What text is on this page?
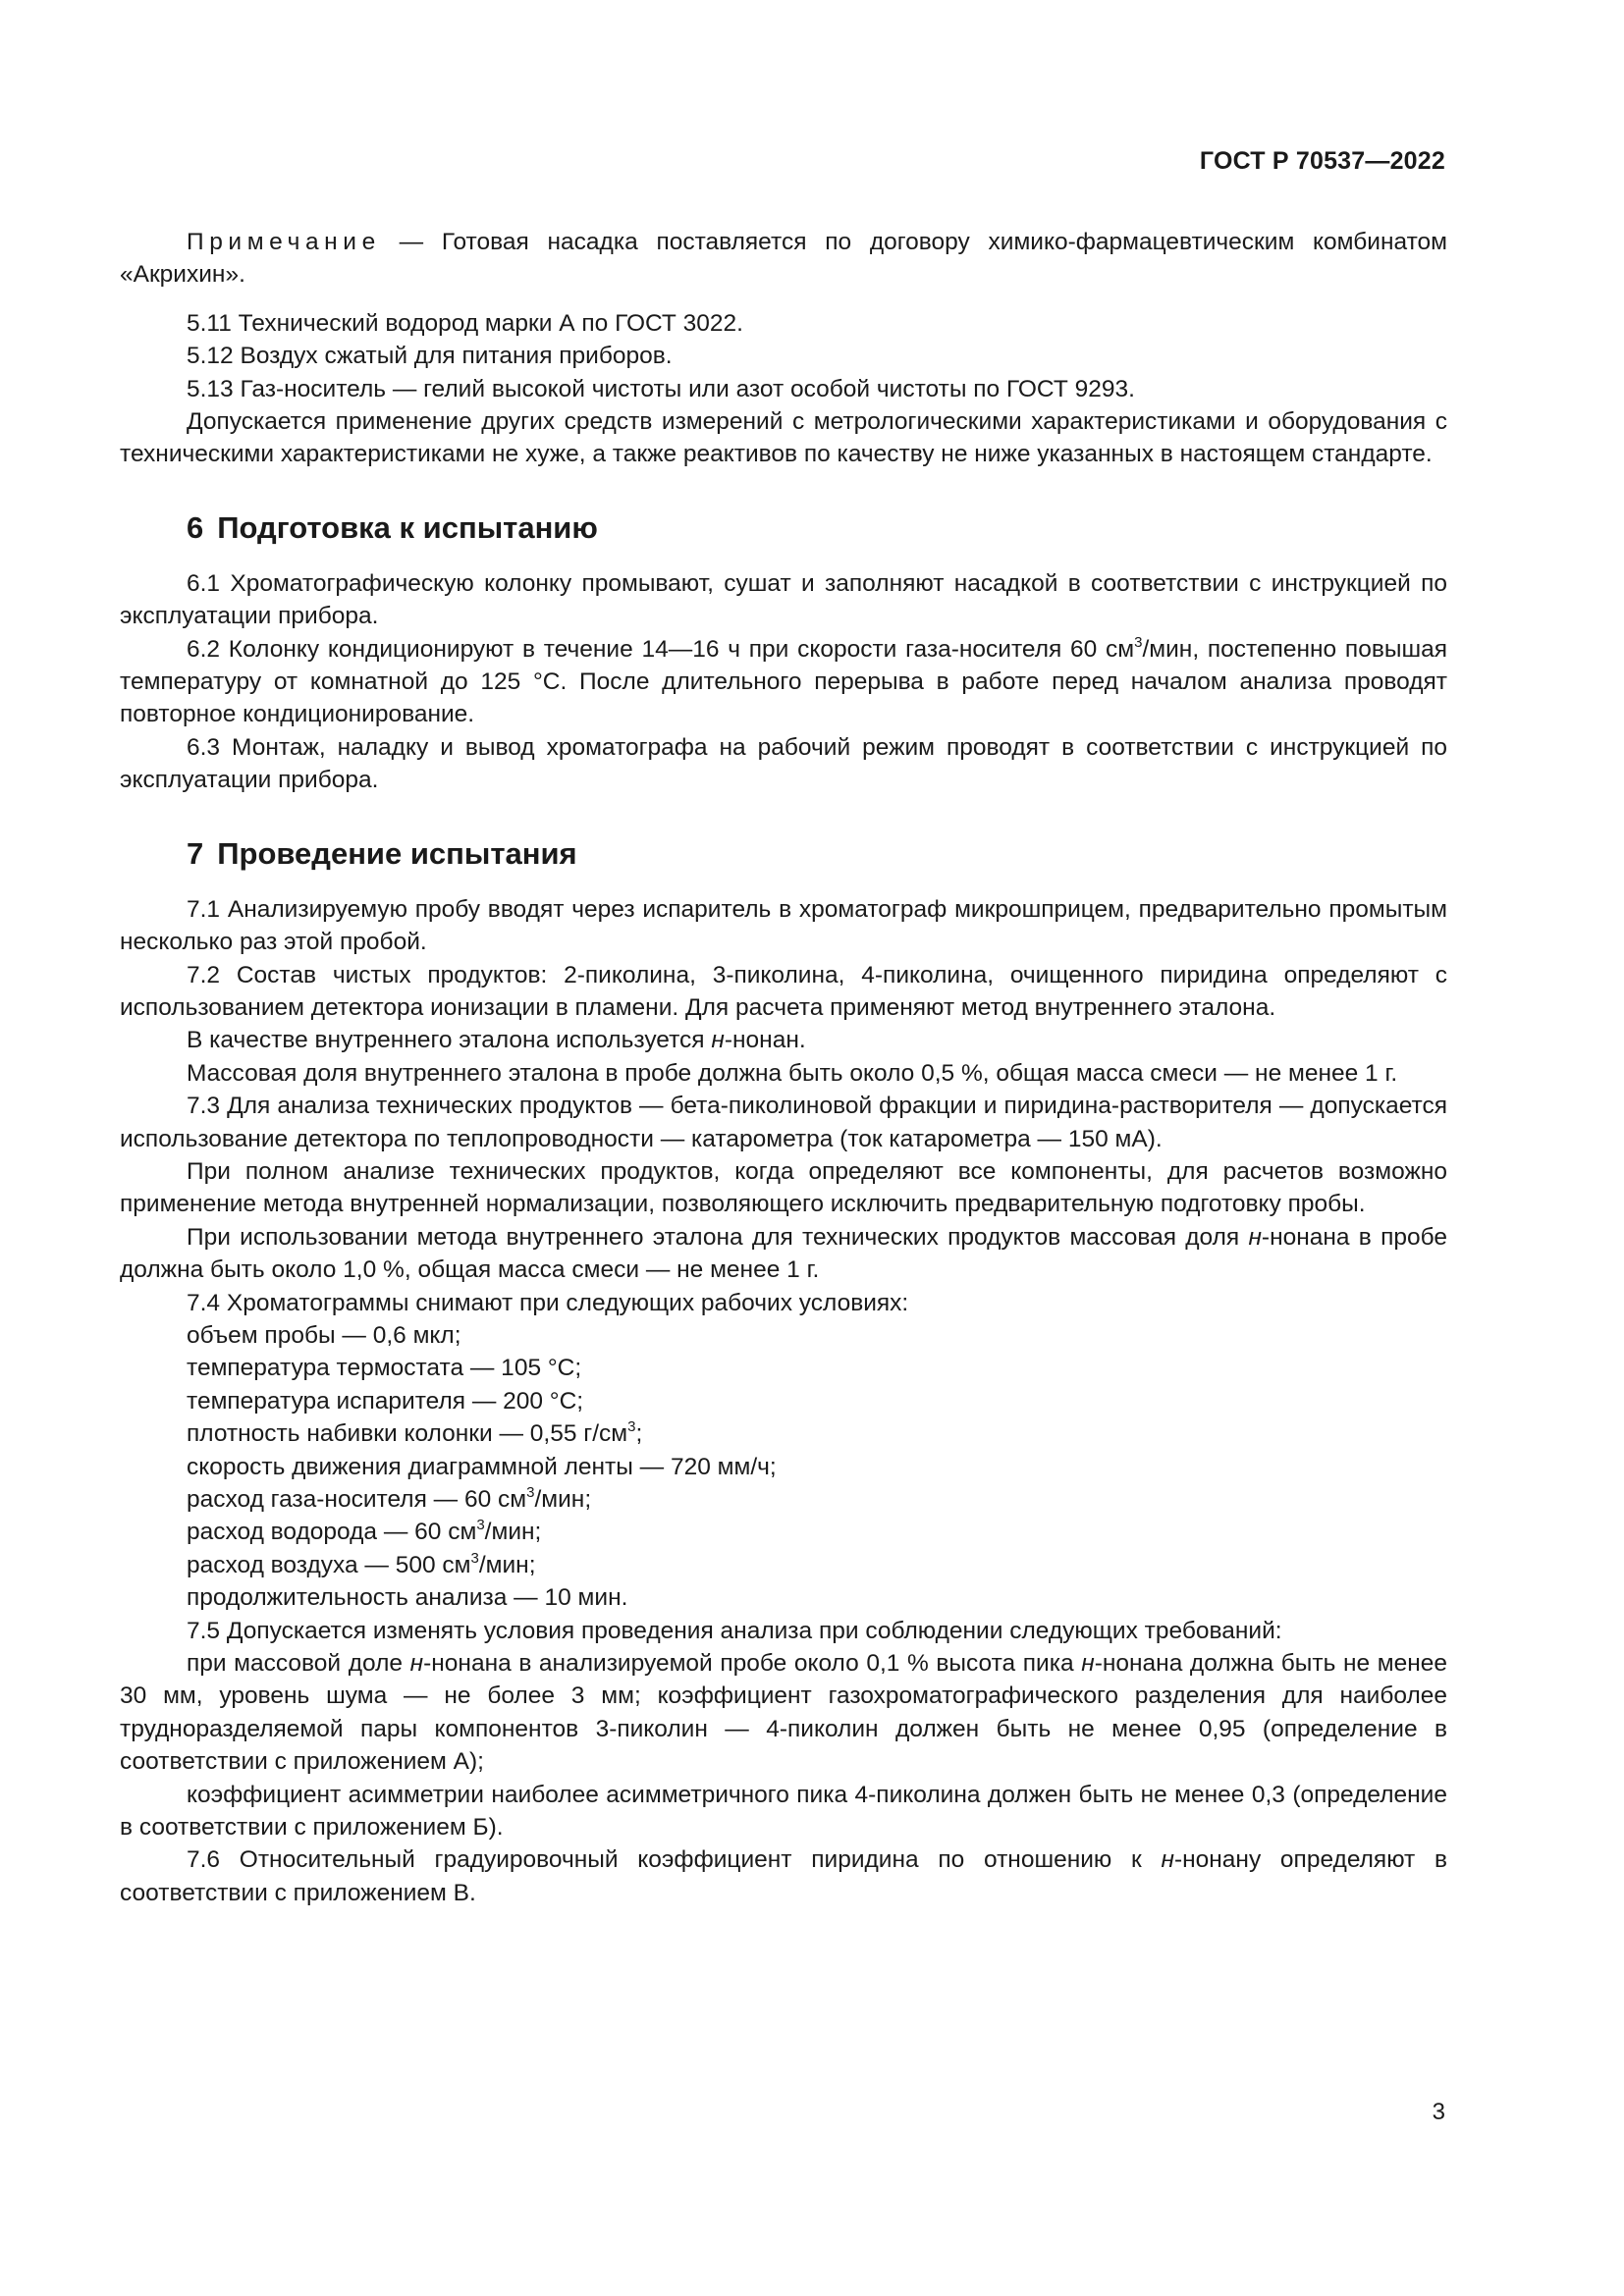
ГОСТ Р 70537—2022

Примечание — Готовая насадка поставляется по договору химико-фармацевтическим комбинатом «Акрихин».

5.11 Технический водород марки А по ГОСТ 3022.

5.12 Воздух сжатый для питания приборов.

5.13 Газ-носитель — гелий высокой чистоты или азот особой чистоты по ГОСТ 9293.

Допускается применение других средств измерений с метрологическими характеристиками и оборудования с техническими характеристиками не хуже, а также реактивов по качеству не ниже указанных в настоящем стандарте.

6 Подготовка к испытанию

6.1 Хроматографическую колонку промывают, сушат и заполняют насадкой в соответствии с инструкцией по эксплуатации прибора.

6.2 Колонку кондиционируют в течение 14—16 ч при скорости газа-носителя 60 $см^3$/мин, постепенно повышая температуру от комнатной до 125 °С. После длительного перерыва в работе перед началом анализа проводят повторное кондиционирование.

6.3 Монтаж, наладку и вывод хроматографа на рабочий режим проводят в соответствии с инструкцией по эксплуатации прибора.

7 Проведение испытания

7.1 Анализируемую пробу вводят через испаритель в хроматограф микрошприцем, предварительно промытым несколько раз этой пробой.

7.2 Состав чистых продуктов: 2-пиколина, 3-пиколина, 4-пиколина, очищенного пиридина определяют с использованием детектора ионизации в пламени. Для расчета применяют метод внутреннего эталона.

В качестве внутреннего эталона используется н-нонан.

Массовая доля внутреннего эталона в пробе должна быть около 0,5 %, общая масса смеси — не менее 1 г.

7.3 Для анализа технических продуктов — бета-пиколиновой фракции и пиридина-растворителя — допускается использование детектора по теплопроводности — катарометра (ток катарометра — 150 мА).

При полном анализе технических продуктов, когда определяют все компоненты, для расчетов возможно применение метода внутренней нормализации, позволяющего исключить предварительную подготовку пробы.

При использовании метода внутреннего эталона для технических продуктов массовая доля н-нонана в пробе должна быть около 1,0 %, общая масса смеси — не менее 1 г.

7.4 Хроматограммы снимают при следующих рабочих условиях:

объем пробы — 0,6 мкл;

температура термостата — 105 °С;

температура испарителя — 200 °С;

плотность набивки колонки — 0,55 $г/см^3$;

скорость движения диаграммной ленты — 720 мм/ч;

расход газа-носителя — 60 $см^3$/мин;

расход водорода — 60 $см^3$/мин;

расход воздуха — 500 $см^3$/мин;

продолжительность анализа — 10 мин.

7.5 Допускается изменять условия проведения анализа при соблюдении следующих требований:

при массовой доле н-нонана в анализируемой пробе около 0,1 % высота пика н-нонана должна быть не менее 30 мм, уровень шума — не более 3 мм; коэффициент газохроматографического разделения для наиболее трудноразделяемой пары компонентов 3-пиколин — 4-пиколин должен быть не менее 0,95 (определение в соответствии с приложением А);

коэффициент асимметрии наиболее асимметричного пика 4-пиколина должен быть не менее 0,3 (определение в соответствии с приложением Б).

7.6 Относительный градуировочный коэффициент пиридина по отношению к н-нонану определяют в соответствии с приложением В.

3
